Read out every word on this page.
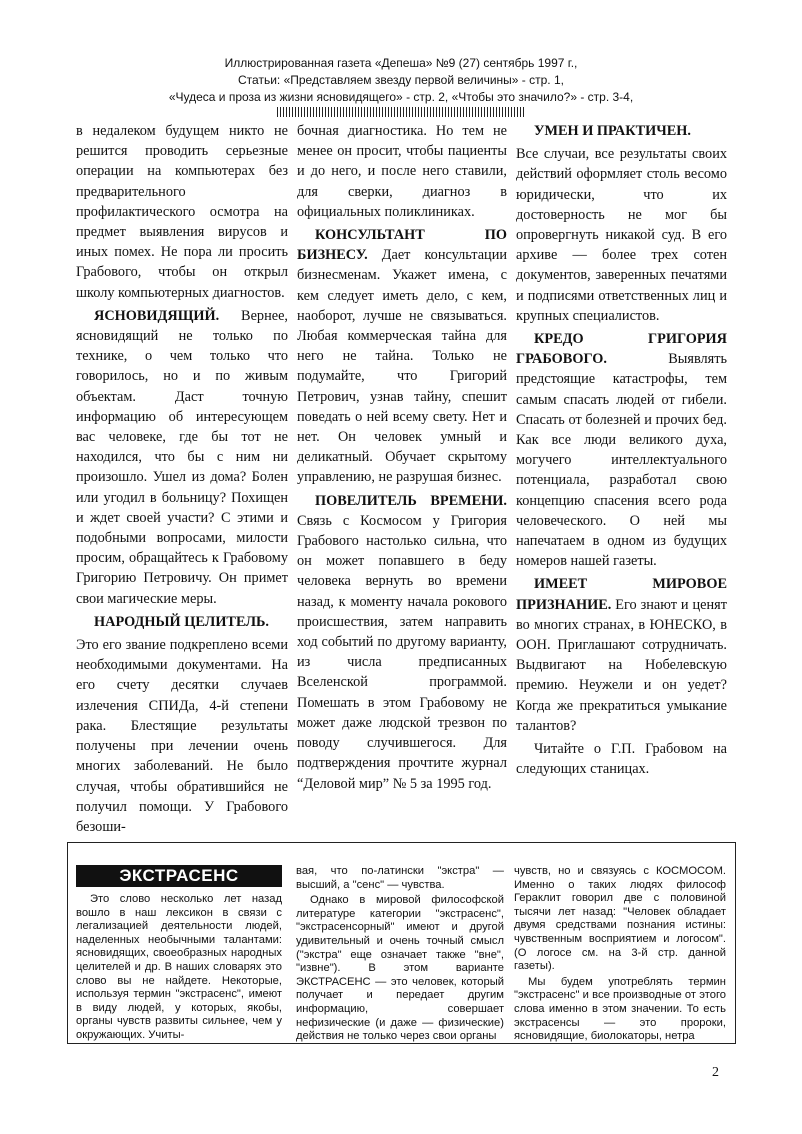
Иллюстрированная газета «Депеша» №9 (27) сентябрь 1997 г.,
Статьи: «Представляем звезду первой величины» - стр. 1,
«Чудеса и проза из жизни ясновидящего» - стр. 2, «Чтобы это значило?» - стр. 3-4,

в недалеком будущем никто не решится проводить серьезные операции на компьютерах без предварительного профилактического осмотра на предмет выявления вирусов и иных помех. Не пора ли просить Грабового, чтобы он открыл школу компьютерных диагностов.

ЯСНОВИДЯЩИЙ. Вернее, ясновидящий не только по технике, о чем только что говорилось, но и по живым объектам. Даст точную информацию об интересующем вас человеке, где бы тот не находился, что бы с ним ни произошло. Ушел из дома? Болен или угодил в больницу? Похищен и ждет своей участи? С этими и подобными вопросами, милости просим, обращайтесь к Грабовому Григорию Петровичу. Он примет свои магические меры.

НАРОДНЫЙ ЦЕЛИТЕЛЬ.

Это его звание подкреплено всеми необходимыми документами. На его счету десятки случаев излечения СПИДа, 4-й степени рака. Блестящие результаты получены при лечении очень многих заболеваний. Не было случая, чтобы обратившийся не получил помощи. У Грабового безоши-

бочная диагностика. Но тем не менее он просит, чтобы пациенты и до него, и после него ставили, для сверки, диагноз в официальных поликлиниках.

КОНСУЛЬТАНТ ПО БИЗНЕСУ. Дает консультации бизнесменам. Укажет имена, с кем следует иметь дело, с кем, наоборот, лучше не связываться. Любая коммерческая тайна для него не тайна. Только не подумайте, что Григорий Петрович, узнав тайну, спешит поведать о ней всему свету. Нет и нет. Он человек умный и деликатный. Обучает скрытому управлению, не разрушая бизнес.

ПОВЕЛИТЕЛЬ ВРЕМЕНИ. Связь с Космосом у Григория Грабового настолько сильна, что он может попавшего в беду человека вернуть во времени назад, к моменту начала рокового происшествия, затем направить ход событий по другому варианту, из числа предписанных Вселенской программой. Помешать в этом Грабовому не может даже людской трезвон по поводу случившегося. Для подтверждения прочтите журнал “Деловой мир” № 5 за 1995 год.

УМЕН И ПРАКТИЧЕН.

Все случаи, все результаты своих действий оформляет столь весомо юридически, что их достоверность не мог бы опровергнуть никакой суд. В его архиве — более трех сотен документов, заверенных печатями и подписями ответственных лиц и крупных специалистов.

КРЕДО ГРИГОРИЯ ГРАБОВОГО. Выявлять предстоящие катастрофы, тем самым спасать людей от гибели. Спасать от болезней и прочих бед. Как все люди великого духа, могучего интеллектуального потенциала, разработал свою концепцию спасения всего рода человеческого. О ней мы напечатаем в одном из будущих номеров нашей газеты.

ИМЕЕТ МИРОВОЕ ПРИЗНАНИЕ. Его знают и ценят во многих странах, в ЮНЕСКО, в ООН. Приглашают сотрудничать. Выдвигают на Нобелевскую премию. Неужели и он уедет? Когда же прекратиться умыкание талантов?

Читайте о Г.П. Грабовом на следующих станицах.

ЭКСТРАСЕНС

Это слово несколько лет назад вошло в наш лексикон в связи с легализацией деятельности людей, наделенных необычными талантами: ясновидящих, своеобразных народных целителей и др. В наших словарях это слово вы не найдете. Некоторые, используя термин "экстрасенс", имеют в виду людей, у которых, якобы, органы чувств развиты сильнее, чем у окружающих. Учиты-

вая, что по-латински "экстра" — высший, а "сенс" — чувства.

Однако в мировой философской литературе категории "экстрасенс", "экстрасенсорный" имеют и другой удивительный и очень точный смысл ("экстра" еще означает также "вне", "извне"). В этом варианте ЭКСТРАСЕНС — это человек, который получает и передает другим информацию, совершает нефизические (и даже — физические) действия не только через свои органы

чувств, но и связуясь с КОСМОСОМ. Именно о таких людях философ Гераклит говорил две с половиной тысячи лет назад: "Человек обладает двумя средствами познания истины: чувственным восприятием и логосом". (О логосе см. на 3-й стр. данной газеты).

Мы будем употреблять термин "экстрасенс" и все производные от этого слова именно в этом значении. То есть экстрасенсы — это пророки, ясновидящие, биолокаторы, нетра

2
